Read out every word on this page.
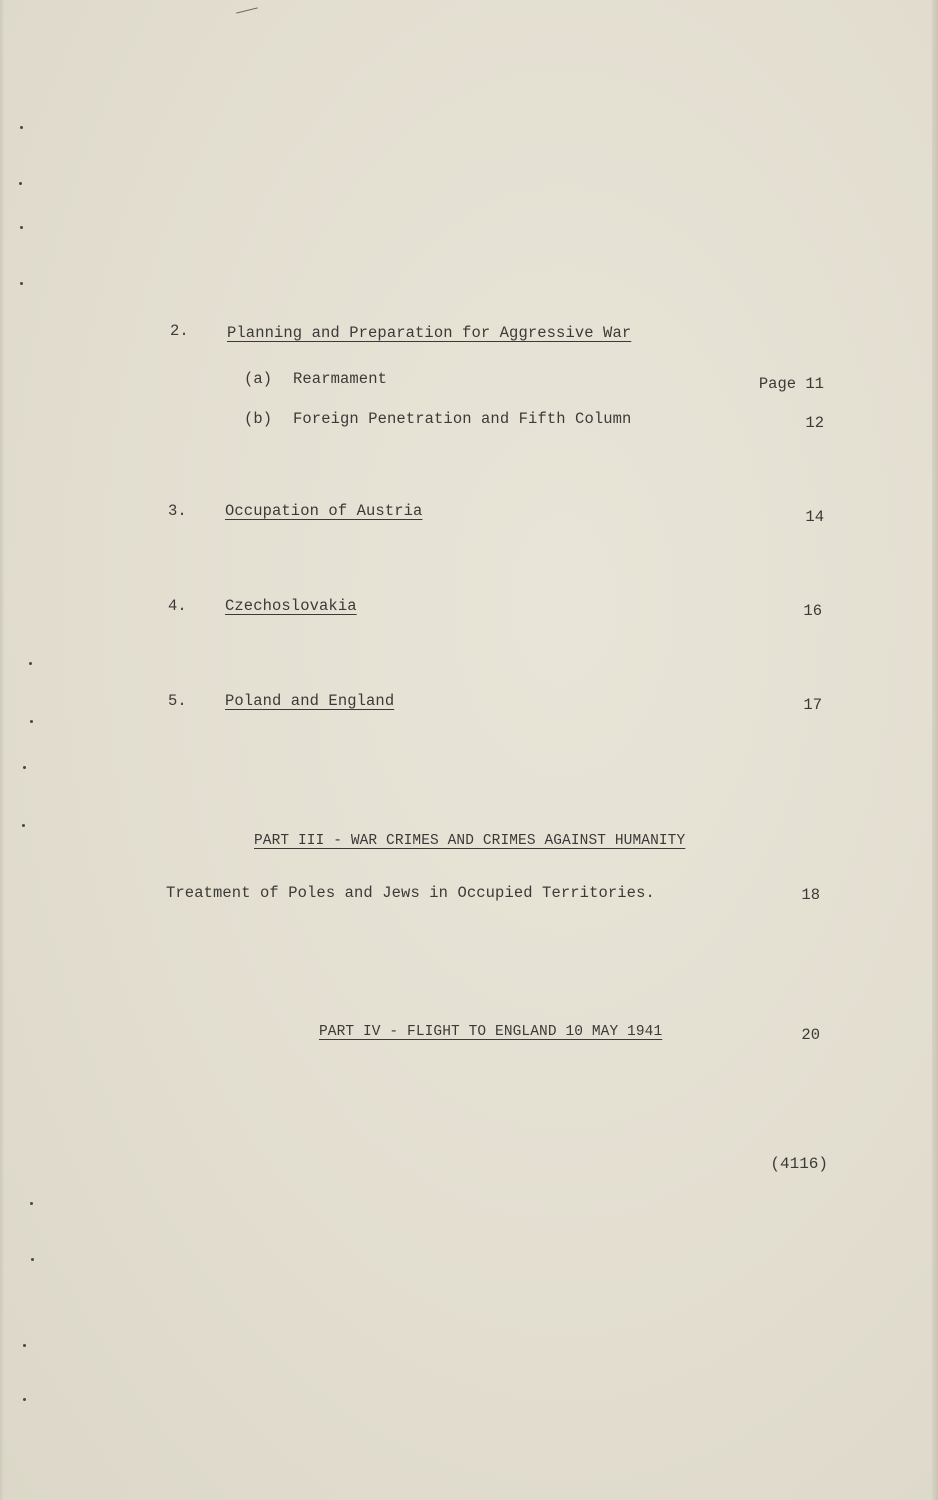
2. Planning and Preparation for Aggressive War
(a) Rearmament	Page 11
(b) Foreign Penetration and Fifth Column	12
3. Occupation of Austria	14
4. Czechoslovakia	16
5. Poland and England	17
PART III - WAR CRIMES AND CRIMES AGAINST HUMANITY
Treatment of Poles and Jews in Occupied Territories.	18
PART IV - FLIGHT TO ENGLAND 10 MAY 1941	20
(4116)
